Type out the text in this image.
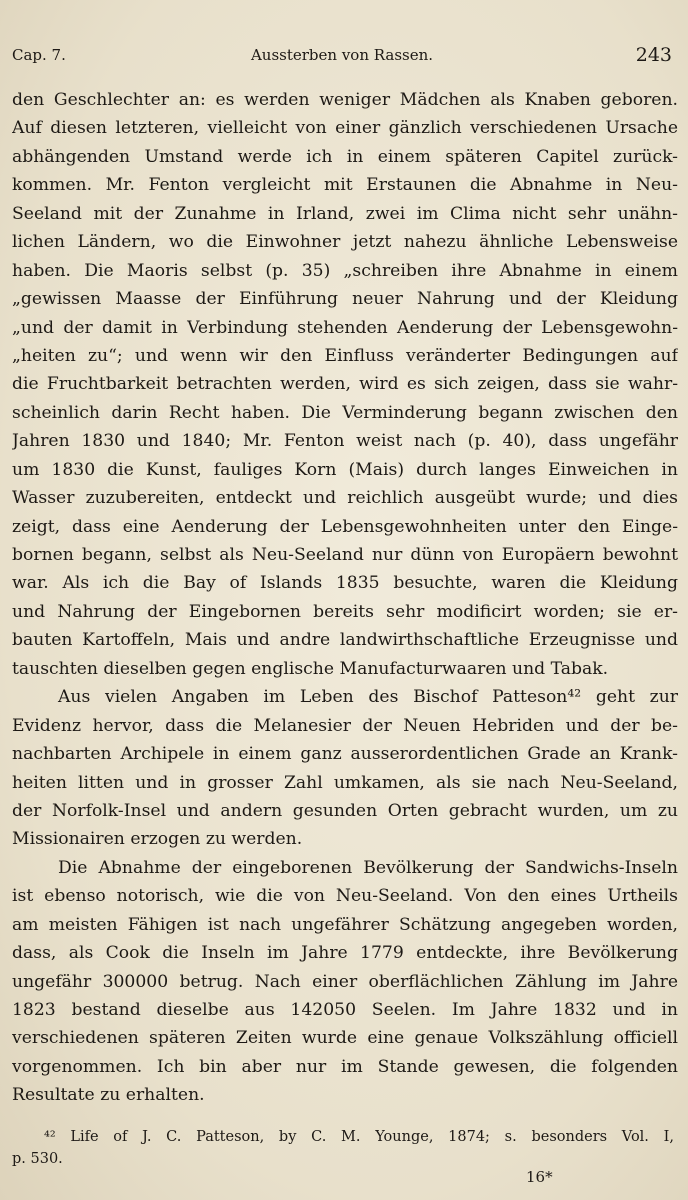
Cap. 7.	Aussterben von Rassen.	243
den Geschlechter an: es werden weniger Mädchen als Knaben geboren.
Auf diesen letzteren, vielleicht von einer gänzlich verschiedenen Ursache
abhängenden Umstand werde ich in einem späteren Capitel zurück-
kommen. Mr. Fenton vergleicht mit Erstaunen die Abnahme in Neu-
Seeland mit der Zunahme in Irland, zwei im Clima nicht sehr unähn-
lichen Ländern, wo die Einwohner jetzt nahezu ähnliche Lebensweise
haben. Die Maoris selbst (p. 35) „schreiben ihre Abnahme in einem
„gewissen Maasse der Einführung neuer Nahrung und der Kleidung
„und der damit in Verbindung stehenden Aenderung der Lebensgewohn-
„heiten zu“; und wenn wir den Einfluss veränderter Bedingungen auf
die Fruchtbarkeit betrachten werden, wird es sich zeigen, dass sie wahr-
scheinlich darin Recht haben. Die Verminderung begann zwischen den
Jahren 1830 und 1840; Mr. Fenton weist nach (p. 40), dass ungefähr
um 1830 die Kunst, fauliges Korn (Mais) durch langes Einweichen in
Wasser zuzubereiten, entdeckt und reichlich ausgeübt wurde; und dies
zeigt, dass eine Aenderung der Lebensgewohnheiten unter den Einge-
bornen begann, selbst als Neu-Seeland nur dünn von Europäern bewohnt
war. Als ich die Bay of Islands 1835 besuchte, waren die Kleidung
und Nahrung der Eingebornen bereits sehr modificirt worden; sie er-
bauten Kartoffeln, Mais und andre landwirthschaftliche Erzeugnisse und
tauschten dieselben gegen englische Manufacturwaaren und Tabak.
Aus vielen Angaben im Leben des Bischof Patteson⁴² geht zur
Evidenz hervor, dass die Melanesier der Neuen Hebriden und der be-
nachbarten Archipele in einem ganz ausserordentlichen Grade an Krank-
heiten litten und in grosser Zahl umkamen, als sie nach Neu-Seeland,
der Norfolk-Insel und andern gesunden Orten gebracht wurden, um zu
Missionairen erzogen zu werden.
Die Abnahme der eingeborenen Bevölkerung der Sandwichs-Inseln
ist ebenso notorisch, wie die von Neu-Seeland. Von den eines Urtheils
am meisten Fähigen ist nach ungefährer Schätzung angegeben worden,
dass, als Cook die Inseln im Jahre 1779 entdeckte, ihre Bevölkerung
ungefähr 300000 betrug. Nach einer oberflächlichen Zählung im Jahre
1823 bestand dieselbe aus 142050 Seelen. Im Jahre 1832 und in
verschiedenen späteren Zeiten wurde eine genaue Volkszählung officiell
vorgenommen. Ich bin aber nur im Stande gewesen, die folgenden
Resultate zu erhalten.
⁴² Life of J. C. Patteson, by C. M. Younge, 1874; s. besonders Vol. I,
p. 530.
16*
